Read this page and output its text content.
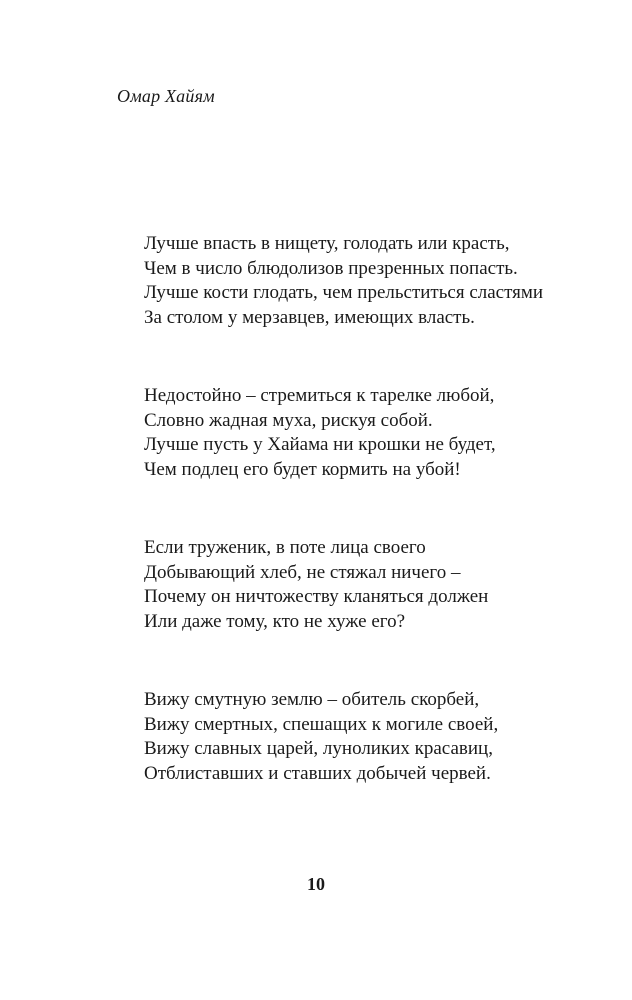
Омар Хайям
Лучше впасть в нищету, голодать или красть,
Чем в число блюдолизов презренных попасть.
Лучше кости глодать, чем прельститься сластями
За столом у мерзавцев, имеющих власть.
Недостойно – стремиться к тарелке любой,
Словно жадная муха, рискуя собой.
Лучше пусть у Хайама ни крошки не будет,
Чем подлец его будет кормить на убой!
Если труженик, в поте лица своего
Добывающий хлеб, не стяжал ничего –
Почему он ничтожеству кланяться должен
Или даже тому, кто не хуже его?
Вижу смутную землю – обитель скорбей,
Вижу смертных, спешащих к могиле своей,
Вижу славных царей, луноликих красавиц,
Отблиставших и ставших добычей червей.
10
